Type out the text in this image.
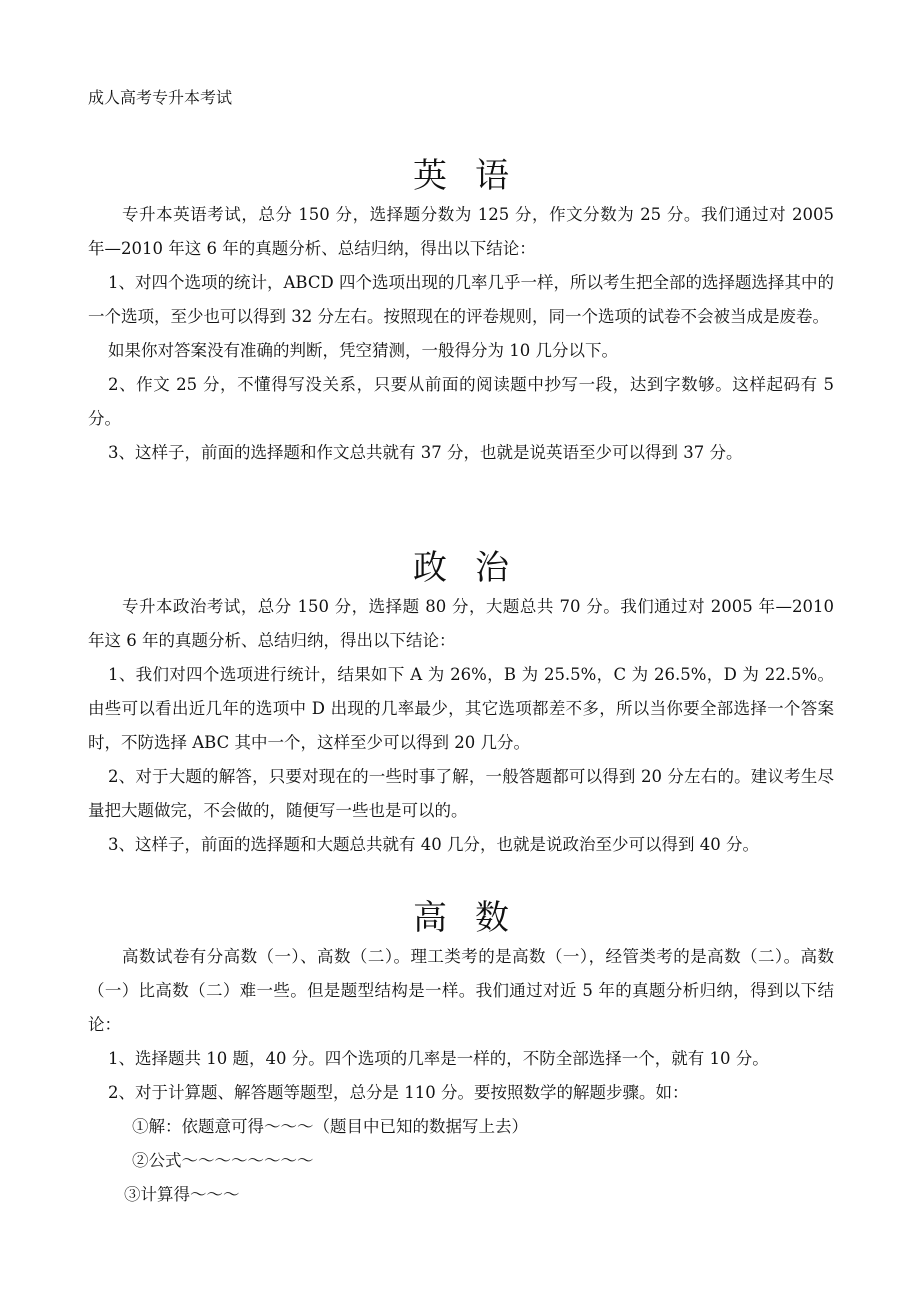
成人高考专升本考试
英语

专升本英语考试，总分 150 分，选择题分数为 125 分，作文分数为 25 分。我们通过对 2005 年—2010 年这 6 年的真题分析、总结归纳，得出以下结论：

1、对四个选项的统计，ABCD 四个选项出现的几率几乎一样，所以考生把全部的选择题选择其中的一个选项，至少也可以得到 32 分左右。按照现在的评卷规则，同一个选项的试卷不会被当成是废卷。

如果你对答案没有准确的判断，凭空猜测，一般得分为 10 几分以下。

2、作文 25 分，不懂得写没关系，只要从前面的阅读题中抄写一段，达到字数够。这样起码有 5 分。

3、这样子，前面的选择题和作文总共就有 37 分，也就是说英语至少可以得到 37 分。

政治

专升本政治考试，总分 150 分，选择题 80 分，大题总共 70 分。我们通过对 2005 年—2010 年这 6 年的真题分析、总结归纳，得出以下结论：

1、我们对四个选项进行统计，结果如下 A 为 26%，B 为 25.5%，C 为 26.5%，D 为 22.5%。由些可以看出近几年的选项中 D 出现的几率最少，其它选项都差不多，所以当你要全部选择一个答案时，不防选择 ABC 其中一个，这样至少可以得到 20 几分。

2、对于大题的解答，只要对现在的一些时事了解，一般答题都可以得到 20 分左右的。建议考生尽量把大题做完，不会做的，随便写一些也是可以的。

3、这样子，前面的选择题和大题总共就有 40 几分，也就是说政治至少可以得到 40 分。

高数

高数试卷有分高数（一）、高数（二）。理工类考的是高数（一），经管类考的是高数（二）。高数（一）比高数（二）难一些。但是题型结构是一样。我们通过对近 5 年的真题分析归纳，得到以下结论：

1、选择题共 10 题，40 分。四个选项的几率是一样的，不防全部选择一个，就有 10 分。

2、对于计算题、解答题等题型，总分是 110 分。要按照数学的解题步骤。如：

①解：依题意可得～～～（题目中已知的数据写上去）

②公式～～～～～～～～

③计算得～～～
